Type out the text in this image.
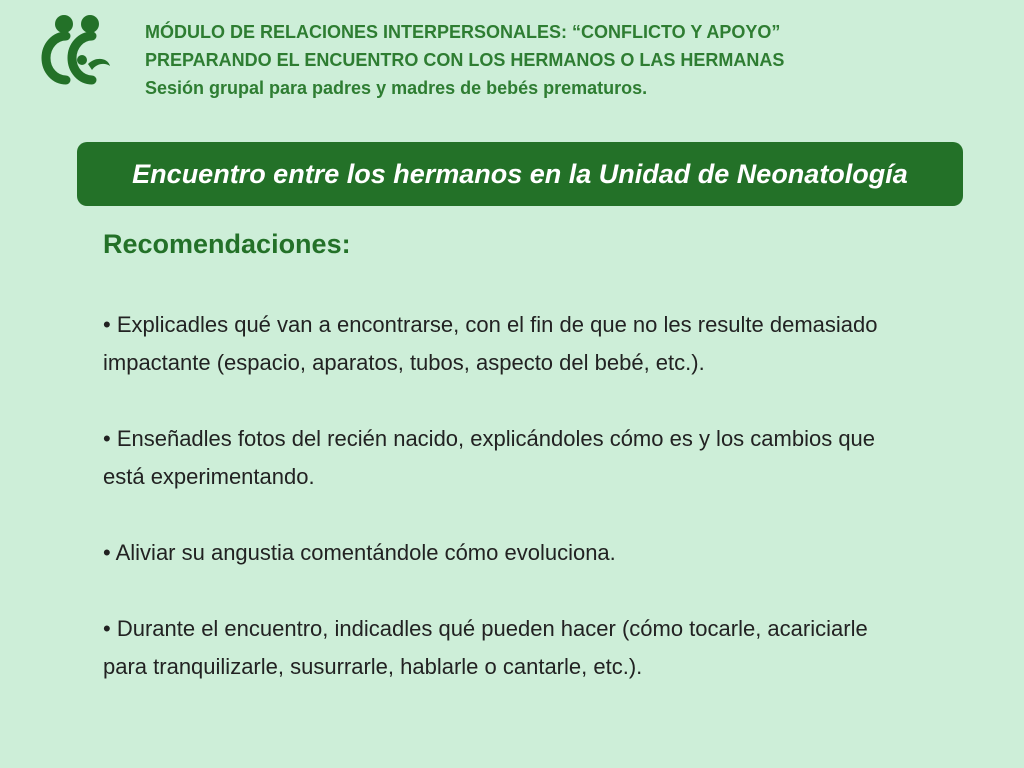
MÓDULO DE RELACIONES INTERPERSONALES: “CONFLICTO Y APOYO”
PREPARANDO EL ENCUENTRO CON LOS HERMANOS O LAS HERMANAS
Sesión grupal para padres y madres de bebés prematuros.
Encuentro entre los hermanos en la Unidad de Neonatología
Recomendaciones:
• Explicadles qué van a encontrarse, con el fin de que no les resulte demasiado impactante (espacio, aparatos, tubos, aspecto del bebé, etc.).
• Enseñadles fotos del recién nacido, explicándoles cómo es y los cambios que está experimentando.
• Aliviar su angustia comentándole cómo evoluciona.
• Durante el encuentro, indicadles qué pueden hacer (cómo tocarle, acariciarle para tranquilizarle, susurrarle, hablarle o cantarle, etc.).
